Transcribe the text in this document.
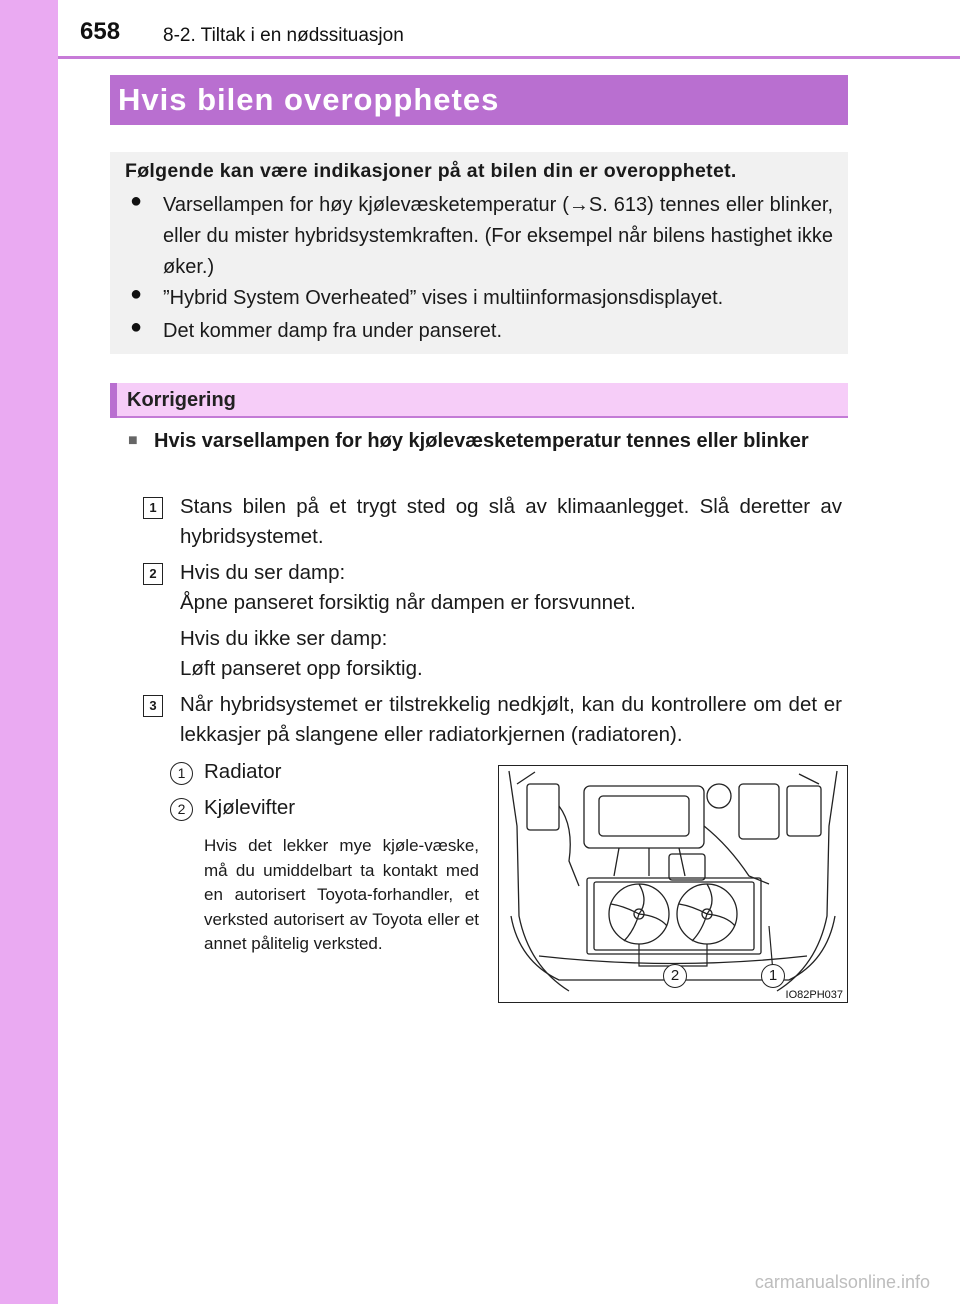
658 8-2. Tiltak i en nødssituasjon
Hvis bilen overopphetes
Følgende kan være indikasjoner på at bilen din er overopphetet.
● Varsellampen for høy kjølevæsketemperatur (→S. 613) tennes eller blinker, eller du mister hybridsystemkraften. (For eksempel når bilens hastighet ikke øker.)
● ”Hybrid System Overheated” vises i multiinformasjonsdisplayet.
● Det kommer damp fra under panseret.
Korrigering
■ Hvis varsellampen for høy kjølevæsketemperatur tennes eller blinker
1	Stans bilen på et trygt sted og slå av klimaanlegget. Slå deretter av hybridsystemet.
2	Hvis du ser damp:
Åpne panseret forsiktig når dampen er forsvunnet.
Hvis du ikke ser damp:
Løft panseret opp forsiktig.
3	Når hybridsystemet er tilstrekkelig nedkjølt, kan du kontrollere om det er lekkasjer på slangene eller radiatorkjernen (radiatoren).
1 Radiator
2 Kjølevifter
Hvis det lekker mye kjøle-væske, må du umiddelbart ta kontakt med en autorisert Toyota-forhandler, et verksted autorisert av Toyota eller et annet pålitelig verksted.
2	1
IO82PH037
carmanualsonline.info
